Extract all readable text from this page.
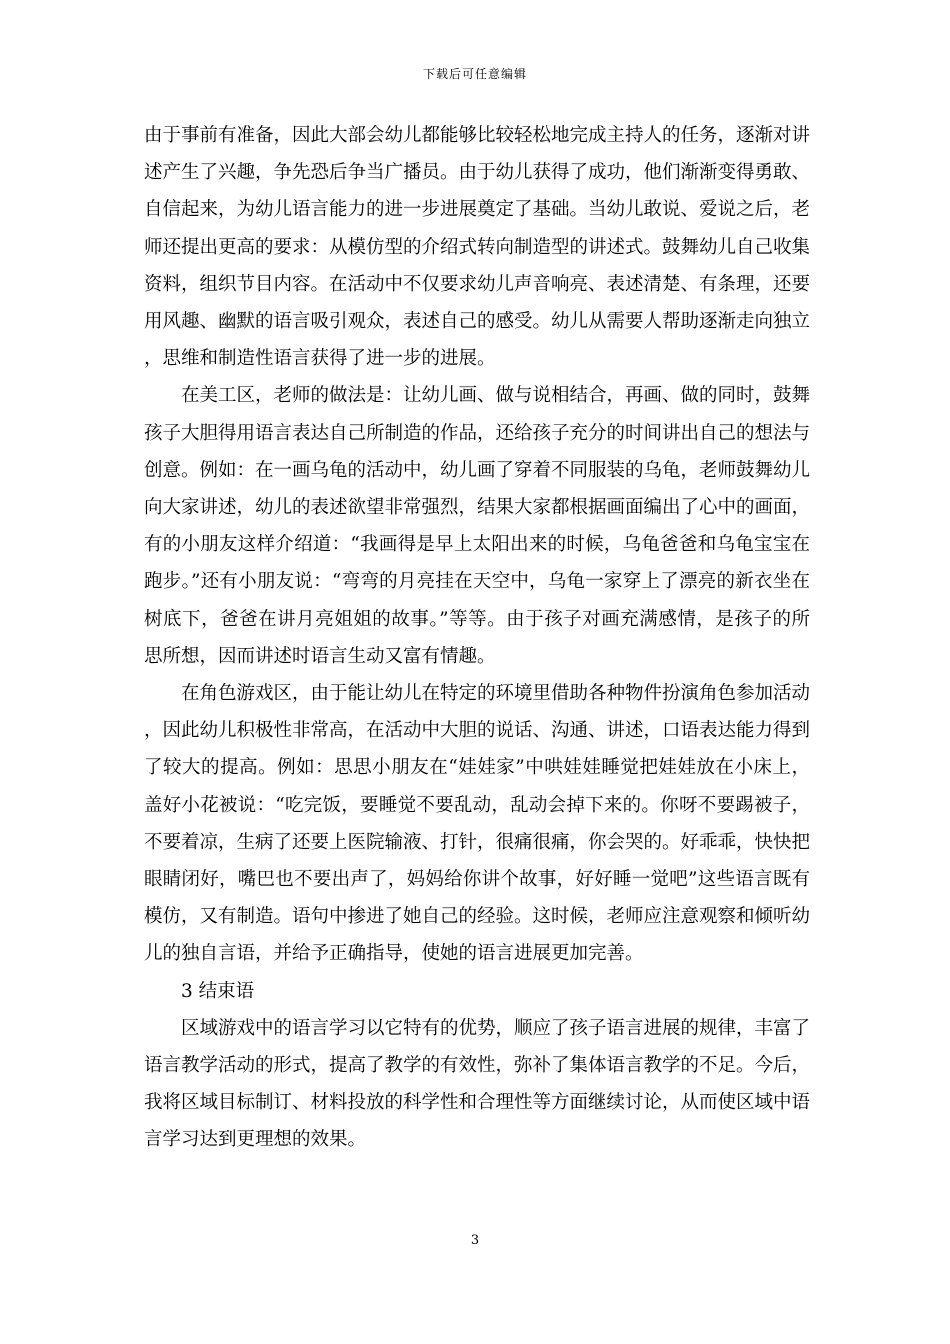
下载后可任意编辑

由于事前有准备，因此大部会幼儿都能够比较轻松地完成主持人的任务，逐渐对讲述产生了兴趣，争先恐后争当广播员。由于幼儿获得了成功，他们渐渐变得勇敢、自信起来，为幼儿语言能力的进一步进展奠定了基础。当幼儿敢说、爱说之后，老师还提出更高的要求：从模仿型的介绍式转向制造型的讲述式。鼓舞幼儿自己收集资料，组织节目内容。在活动中不仅要求幼儿声音响亮、表述清楚、有条理，还要用风趣、幽默的语言吸引观众，表述自己的感受。幼儿从需要人帮助逐渐走向独立，思维和制造性语言获得了进一步的进展。

在美工区，老师的做法是：让幼儿画、做与说相结合，再画、做的同时，鼓舞孩子大胆得用语言表达自己所制造的作品，还给孩子充分的时间讲出自己的想法与创意。例如：在一画乌龟的活动中，幼儿画了穿着不同服装的乌龟，老师鼓舞幼儿向大家讲述，幼儿的表述欲望非常强烈，结果大家都根据画面编出了心中的画面，有的小朋友这样介绍道：“我画得是早上太阳出来的时候，乌龟爸爸和乌龟宝宝在跑步。”还有小朋友说：“弯弯的月亮挂在天空中，乌龟一家穿上了漂亮的新衣坐在树底下，爸爸在讲月亮姐姐的故事。”等等。由于孩子对画充满感情，是孩子的所思所想，因而讲述时语言生动又富有情趣。

在角色游戏区，由于能让幼儿在特定的环境里借助各种物件扮演角色参加活动，因此幼儿积极性非常高，在活动中大胆的说话、沟通、讲述，口语表达能力得到了较大的提高。例如：思思小朋友在“娃娃家”中哄娃娃睡觉把娃娃放在小床上，盖好小花被说：“吃完饭，要睡觉不要乱动，乱动会掉下来的。你呀不要踢被子，不要着凉，生病了还要上医院输液、打针，很痛很痛，你会哭的。好乖乖，快快把眼睛闭好，嘴巴也不要出声了，妈妈给你讲个故事，好好睡一觉吧”这些语言既有模仿，又有制造。语句中掺进了她自己的经验。这时候，老师应注意观察和倾听幼儿的独自言语，并给予正确指导，使她的语言进展更加完善。

3 结束语

区域游戏中的语言学习以它特有的优势，顺应了孩子语言进展的规律，丰富了语言教学活动的形式，提高了教学的有效性，弥补了集体语言教学的不足。今后，我将区域目标制订、材料投放的科学性和合理性等方面继续讨论，从而使区域中语言学习达到更理想的效果。

3
